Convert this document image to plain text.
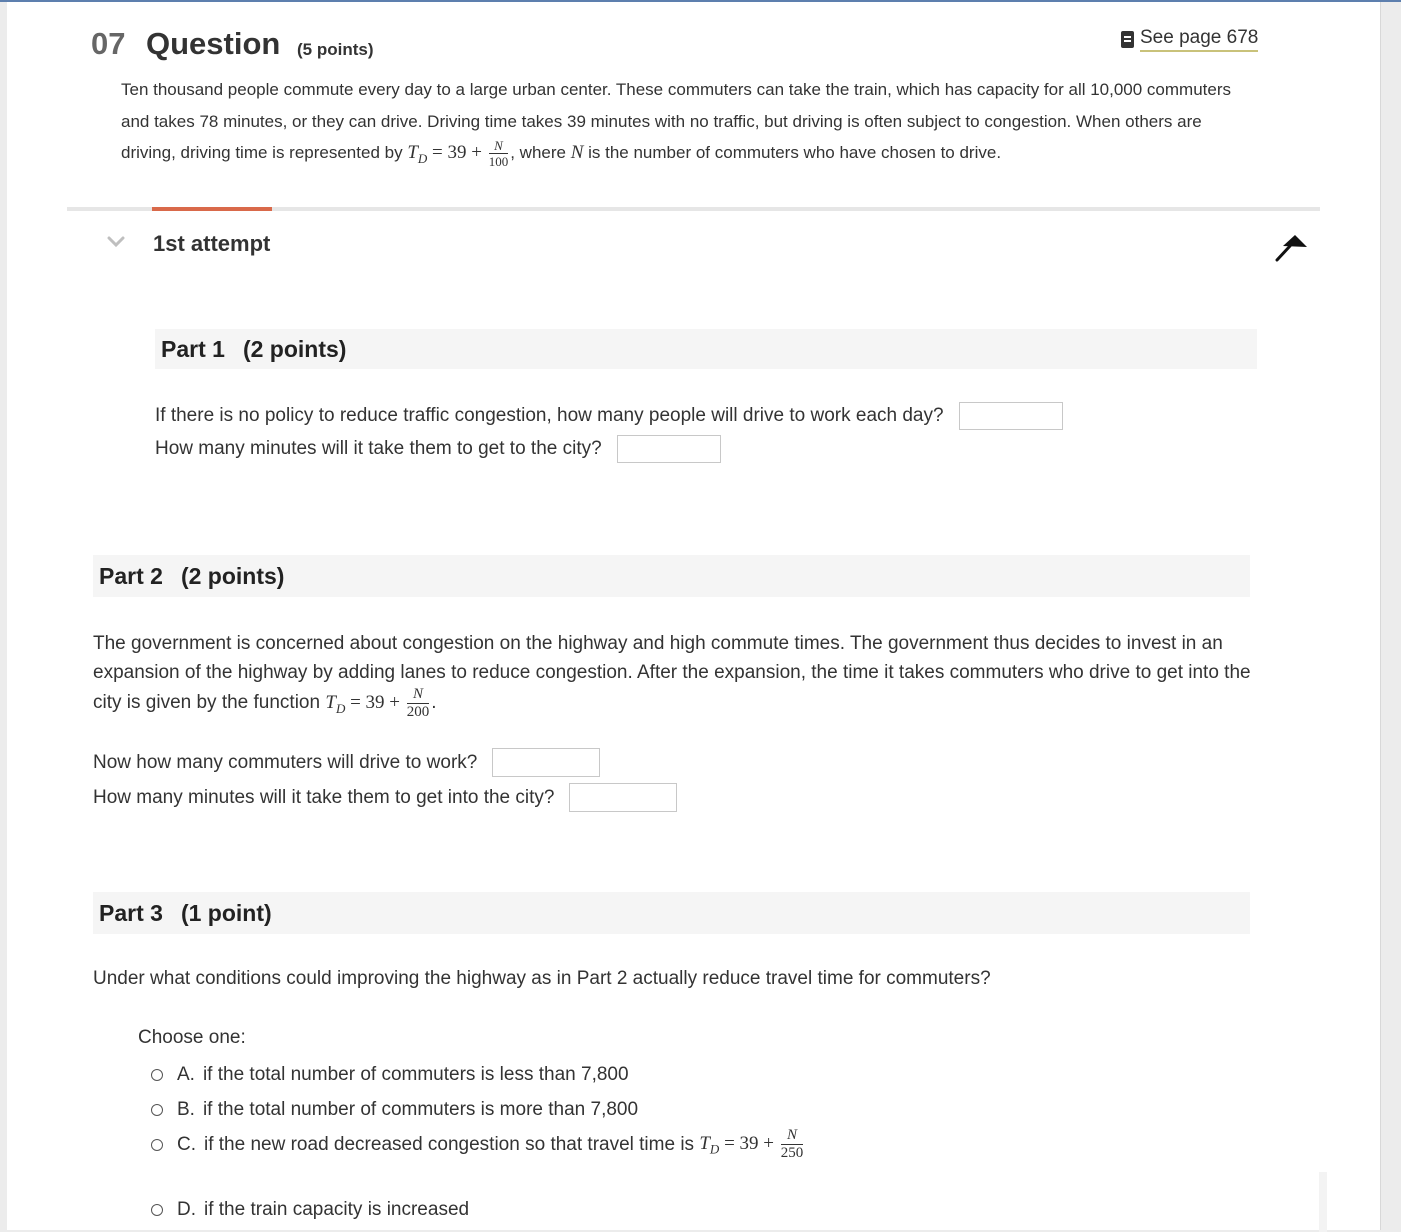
07 Question (5 points)
See page 678
Ten thousand people commute every day to a large urban center. These commuters can take the train, which has capacity for all 10,000 commuters and takes 78 minutes, or they can drive. Driving time takes 39 minutes with no traffic, but driving is often subject to congestion. When others are driving, driving time is represented by $T_D = 39 + \frac{N}{100}$ , where N is the number of commuters who have chosen to drive.
1st attempt
Part 1 (2 points)
If there is no policy to reduce traffic congestion, how many people will drive to work each day?
How many minutes will it take them to get to the city?
Part 2 (2 points)
The government is concerned about congestion on the highway and high commute times. The government thus decides to invest in an expansion of the highway by adding lanes to reduce congestion. After the expansion, the time it takes commuters who drive to get into the city is given by the function $T_D = 39 + \frac{N}{200}$ .
Now how many commuters will drive to work?
How many minutes will it take them to get into the city?
Part 3 (1 point)
Under what conditions could improving the highway as in Part 2 actually reduce travel time for commuters?
Choose one:
A. if the total number of commuters is less than 7,800
B. if the total number of commuters is more than 7,800
C. if the new road decreased congestion so that travel time is
$T_D = 39 + \frac{N}{250}$
D. if the train capacity is increased
